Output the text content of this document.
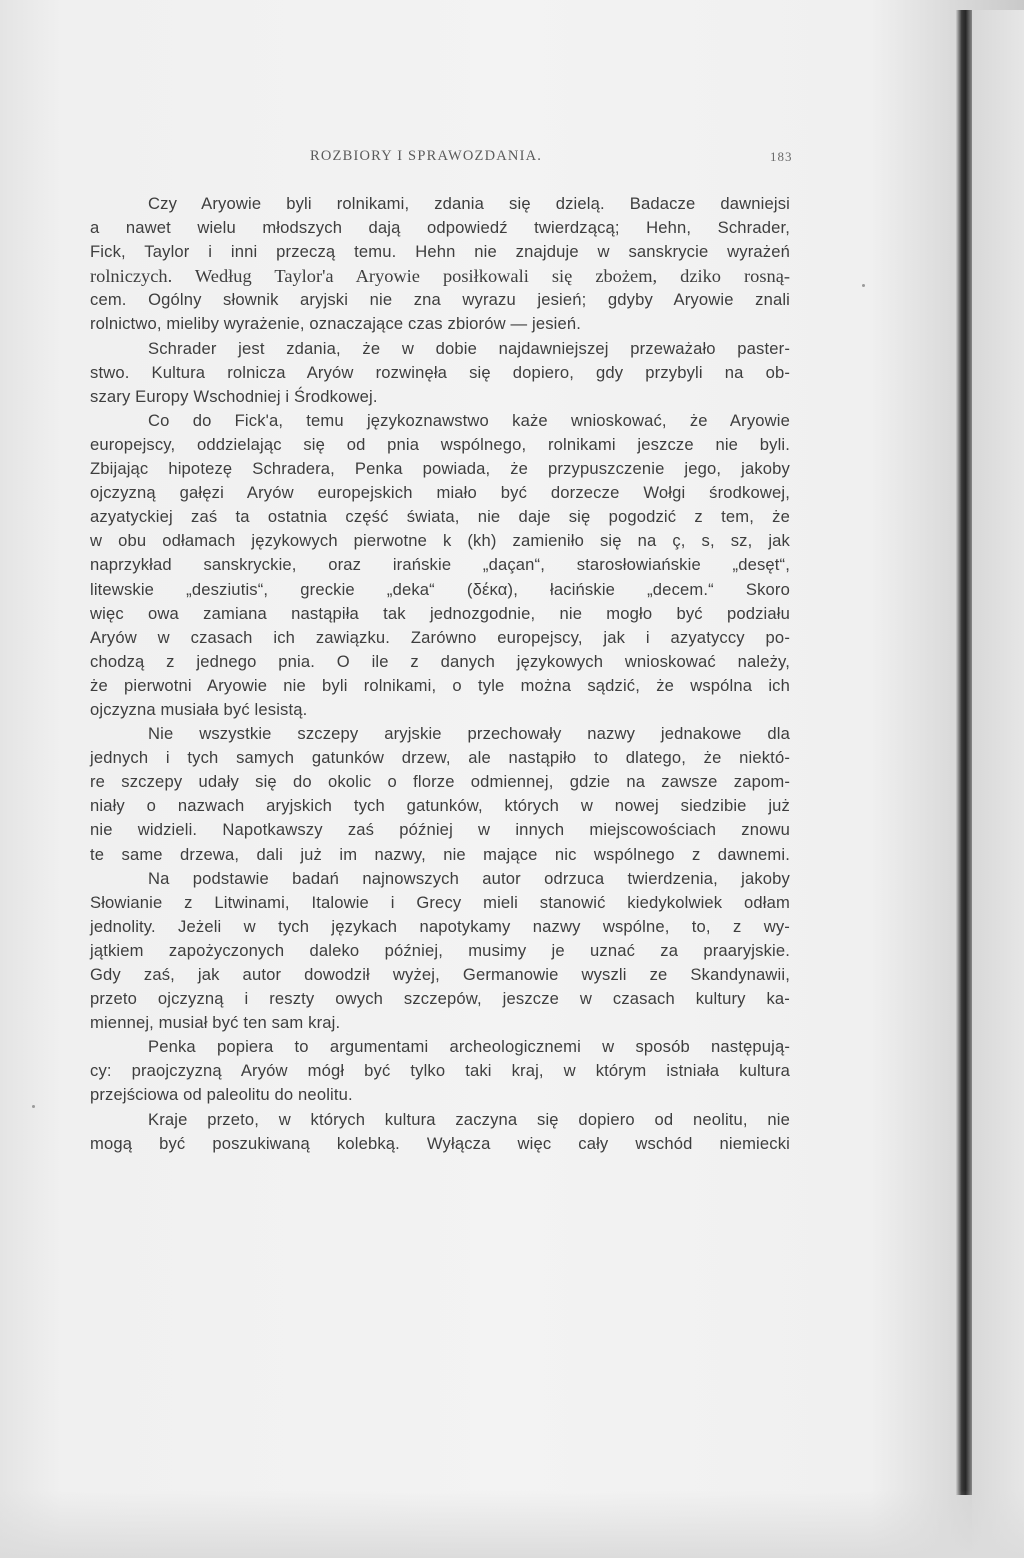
ROZBIORY I SPRAWOZDANIA.	183
Czy Aryowie byli rolnikami, zdania się dzielą. Badacze dawniejsi
a nawet wielu młodszych dają odpowiedź twierdzącą; Hehn, Schrader,
Fick, Taylor i inni przeczą temu. Hehn nie znajduje w sanskrycie wyrażeń
rolniczych. Według Taylor'a Aryowie posiłkowali się zbożem, dziko rosną-
cem. Ogólny słownik aryjski nie zna wyrazu jesień; gdyby Aryowie znali
rolnictwo, mieliby wyrażenie, oznaczające czas zbiorów — jesień.
Schrader jest zdania, że w dobie najdawniejszej przeważało paster-
stwo. Kultura rolnicza Aryów rozwinęła się dopiero, gdy przybyli na ob-
szary Europy Wschodniej i Środkowej.
Co do Fick'a, temu językoznawstwo każe wnioskować, że Aryowie
europejscy, oddzielając się od pnia wspólnego, rolnikami jeszcze nie byli.
Zbijając hipotezę Schradera, Penka powiada, że przypuszczenie jego, jakoby
ojczyzną gałęzi Aryów europejskich miało być dorzecze Wołgi środkowej,
azyatyckiej zaś ta ostatnia część świata, nie daje się pogodzić z tem, że
w obu odłamach językowych pierwotne k (kh) zamieniło się na ç, s, sz, jak
naprzykład sanskryckie, oraz irańskie „daçan“, starosłowiańskie „desęt“,
litewskie „desziutis“, greckie „deka“ (δέκα), łacińskie „decem.“ Skoro
więc owa zamiana nastąpiła tak jednozgodnie, nie mogło być podziału
Aryów w czasach ich zawiązku. Zarówno europejscy, jak i azyatyccy po-
chodzą z jednego pnia. O ile z danych językowych wnioskować należy,
że pierwotni Aryowie nie byli rolnikami, o tyle można sądzić, że wspólna ich
ojczyzna musiała być lesistą.
Nie wszystkie szczepy aryjskie przechowały nazwy jednakowe dla
jednych i tych samych gatunków drzew, ale nastąpiło to dlatego, że niektó-
re szczepy udały się do okolic o florze odmiennej, gdzie na zawsze zapom-
niały o nazwach aryjskich tych gatunków, których w nowej siedzibie już
nie widzieli. Napotkawszy zaś później w innych miejscowościach znowu
te same drzewa, dali już im nazwy, nie mające nic wspólnego z dawnemi.
Na podstawie badań najnowszych autor odrzuca twierdzenia, jakoby
Słowianie z Litwinami, Italowie i Grecy mieli stanowić kiedykolwiek odłam
jednolity. Jeżeli w tych językach napotykamy nazwy wspólne, to, z wy-
jątkiem zapożyczonych daleko później, musimy je uznać za praaryjskie.
Gdy zaś, jak autor dowodził wyżej, Germanowie wyszli ze Skandynawii,
przeto ojczyzną i reszty owych szczepów, jeszcze w czasach kultury ka-
miennej, musiał być ten sam kraj.
Penka popiera to argumentami archeologicznemi w sposób następują-
cy: praojczyzną Aryów mógł być tylko taki kraj, w którym istniała kultura
przejściowa od paleolitu do neolitu.
Kraje przeto, w których kultura zaczyna się dopiero od neolitu, nie
mogą być poszukiwaną kolebką. Wyłącza więc cały wschód niemiecki
